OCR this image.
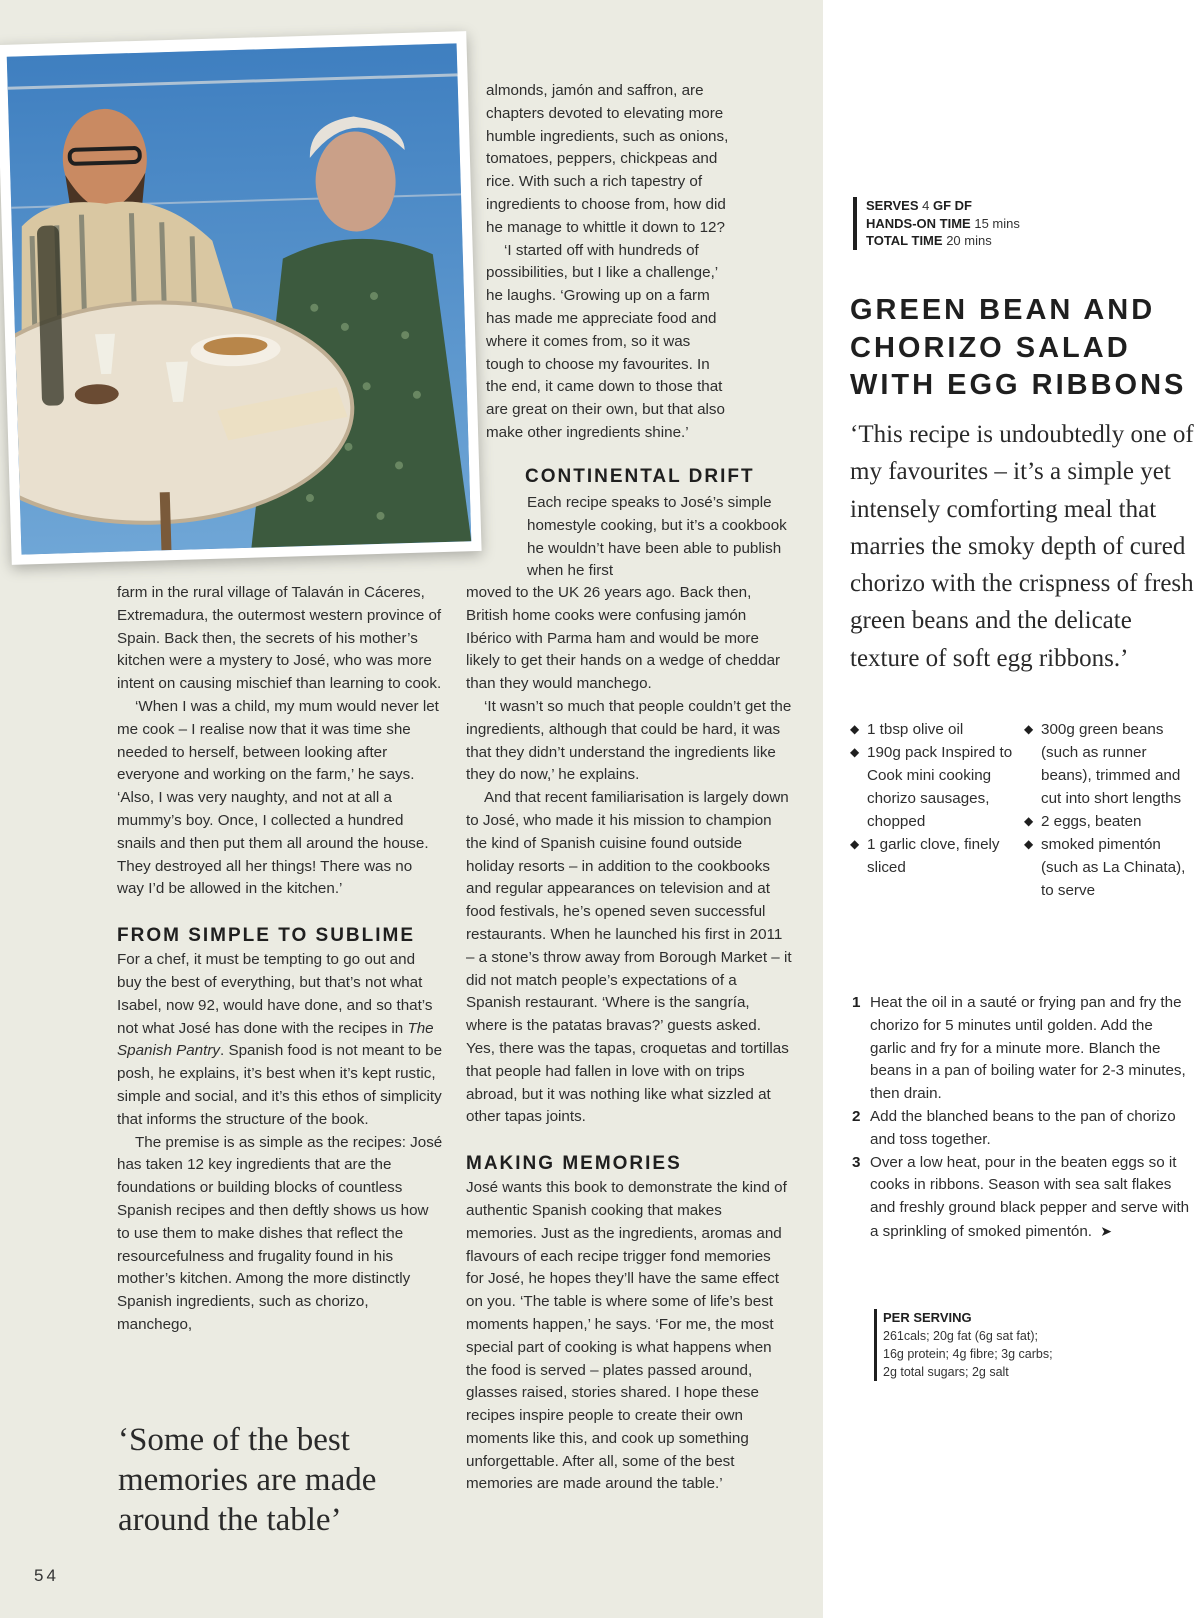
almonds, jamón and saffron, are
chapters devoted to elevating more
humble ingredients, such as onions,
tomatoes, peppers, chickpeas and
rice. With such a rich tapestry of
ingredients to choose from, how did
he manage to whittle it down to 12?
‘I started off with hundreds of
possibilities, but I like a challenge,’
he laughs. ‘Growing up on a farm
has made me appreciate food and
where it comes from, so it was
tough to choose my favourites. In
the end, it came down to those that
are great on their own, but that also
make other ingredients shine.’
CONTINENTAL DRIFT

Each recipe speaks to José’s simple homestyle cooking, but it’s a cookbook he wouldn’t have been able to publish when he first

farm in the rural village of Talaván in Cáceres, Extremadura, the outermost western province of Spain. Back then, the secrets of his mother’s kitchen were a mystery to José, who was more intent on causing mischief than learning to cook.

‘When I was a child, my mum would never let me cook – I realise now that it was time she needed to herself, between looking after everyone and working on the farm,’ he says. ‘Also, I was very naughty, and not at all a mummy’s boy. Once, I collected a hundred snails and then put them all around the house. They destroyed all her things! There was no way I’d be allowed in the kitchen.’

FROM SIMPLE TO SUBLIME

For a chef, it must be tempting to go out and buy the best of everything, but that’s not what Isabel, now 92, would have done, and so that’s not what José has done with the recipes in The Spanish Pantry. Spanish food is not meant to be posh, he explains, it’s best when it’s kept rustic, simple and social, and it’s this ethos of simplicity that informs the structure of the book.

The premise is as simple as the recipes: José has taken 12 key ingredients that are the foundations or building blocks of countless Spanish recipes and then deftly shows us how to use them to make dishes that reflect the resourcefulness and frugality found in his mother’s kitchen. Among the more distinctly Spanish ingredients, such as chorizo, manchego,

‘Some of the best memories are made around the table’

moved to the UK 26 years ago. Back then, British home cooks were confusing jamón Ibérico with Parma ham and would be more likely to get their hands on a wedge of cheddar than they would manchego.

‘It wasn’t so much that people couldn’t get the ingredients, although that could be hard, it was that they didn’t understand the ingredients like they do now,’ he explains.

And that recent familiarisation is largely down to José, who made it his mission to champion the kind of Spanish cuisine found outside holiday resorts – in addition to the cookbooks and regular appearances on television and at food festivals, he’s opened seven successful restaurants. When he launched his first in 2011 – a stone’s throw away from Borough Market – it did not match people’s expectations of a Spanish restaurant. ‘Where is the sangría, where is the patatas bravas?’ guests asked. Yes, there was the tapas, croquetas and tortillas that people had fallen in love with on trips abroad, but it was nothing like what sizzled at other tapas joints.

MAKING MEMORIES

José wants this book to demonstrate the kind of authentic Spanish cooking that makes memories. Just as the ingredients, aromas and flavours of each recipe trigger fond memories for José, he hopes they’ll have the same effect on you. ‘The table is where some of life’s best moments happen,’ he says. ‘For me, the most special part of cooking is what happens when the food is served – plates passed around, glasses raised, stories shared. I hope these recipes inspire people to create their own moments like this, and cook up something unforgettable. After all, some of the best memories are made around the table.’

54
SERVES 4 GF DF
HANDS-ON TIME 15 mins
TOTAL TIME 20 mins
GREEN BEAN AND CHORIZO SALAD WITH EGG RIBBONS
‘This recipe is undoubtedly one of my favourites – it’s a simple yet intensely comforting meal that marries the smoky depth of cured chorizo with the crispness of fresh green beans and the delicate texture of soft egg ribbons.’
◆ 1 tbsp olive oil
◆ 190g pack Inspired to Cook mini cooking chorizo sausages, chopped
◆ 1 garlic clove, finely sliced
◆ 300g green beans (such as runner beans), trimmed and cut into short lengths
◆ 2 eggs, beaten
◆ smoked pimentón (such as La Chinata), to serve
1 Heat the oil in a sauté or frying pan and fry the chorizo for 5 minutes until golden. Add the garlic and fry for a minute more. Blanch the beans in a pan of boiling water for 2-3 minutes, then drain.
2 Add the blanched beans to the pan of chorizo and toss together.
3 Over a low heat, pour in the beaten eggs so it cooks in ribbons. Season with sea salt flakes and freshly ground black pepper and serve with a sprinkling of smoked pimentón. ➤
PER SERVING
261cals; 20g fat (6g sat fat);
16g protein; 4g fibre; 3g carbs;
2g total sugars; 2g salt
